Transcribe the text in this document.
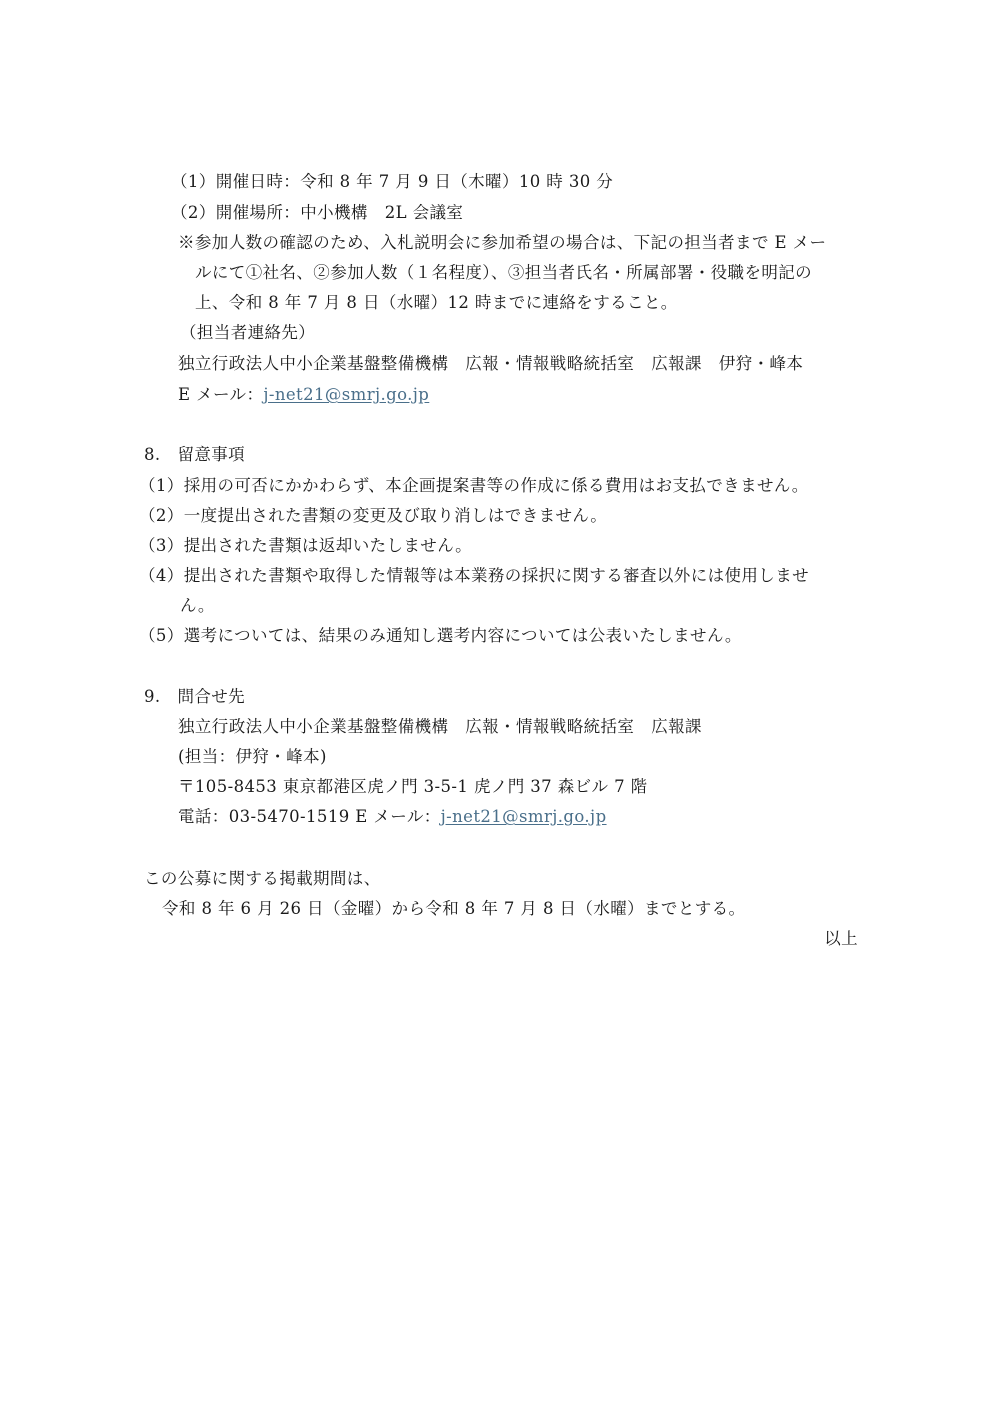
（1）開催日時：令和 8 年 7 月 9 日（木曜）10 時 30 分
（2）開催場所：中小機構　2L 会議室
※参加人数の確認のため、入札説明会に参加希望の場合は、下記の担当者まで E メー
ルにて①社名、②参加人数（１名程度）、③担当者氏名・所属部署・役職を明記の
上、令和 8 年 7 月 8 日（水曜）12 時までに連絡をすること。
（担当者連絡先）
独立行政法人中小企業基盤整備機構　広報・情報戦略統括室　広報課　伊狩・峰本
E メール：j-net21@smrj.go.jp
8.　留意事項
（1）採用の可否にかかわらず、本企画提案書等の作成に係る費用はお支払できません。
（2）一度提出された書類の変更及び取り消しはできません。
（3）提出された書類は返却いたしません。
（4）提出された書類や取得した情報等は本業務の採択に関する審査以外には使用しませ
ん。
（5）選考については、結果のみ通知し選考内容については公表いたしません。
9.　問合せ先
独立行政法人中小企業基盤整備機構　広報・情報戦略統括室　広報課
(担当：伊狩・峰本)
〒105-8453 東京都港区虎ノ門 3-5-1 虎ノ門 37 森ビル 7 階
電話：03-5470-1519 E メール：j-net21@smrj.go.jp
この公募に関する掲載期間は、
令和 8 年 6 月 26 日（金曜）から令和 8 年 7 月 8 日（水曜）までとする。
以上
